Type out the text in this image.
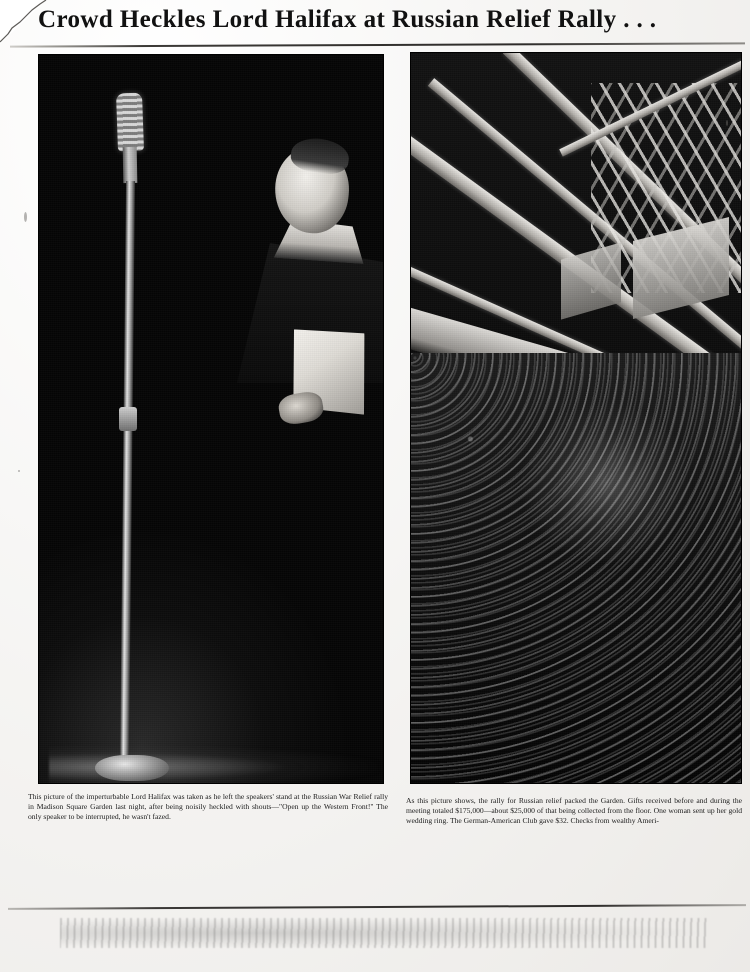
Crowd Heckles Lord Halifax at Russian Relief Rally . . .
This picture of the imperturbable Lord Halifax was taken as he left the speakers' stand at the Russian War Relief rally in Madison Square Garden last night, after being noisily heckled with shouts—"Open up the Western Front!" The only speaker to be interrupted, he wasn't fazed.
As this picture shows, the rally for Russian relief packed the Garden. Gifts received before and during the meeting totaled $175,000—about $25,000 of that being collected from the floor. One woman sent up her gold wedding ring. The German-American Club gave $32. Checks from wealthy Ameri-
